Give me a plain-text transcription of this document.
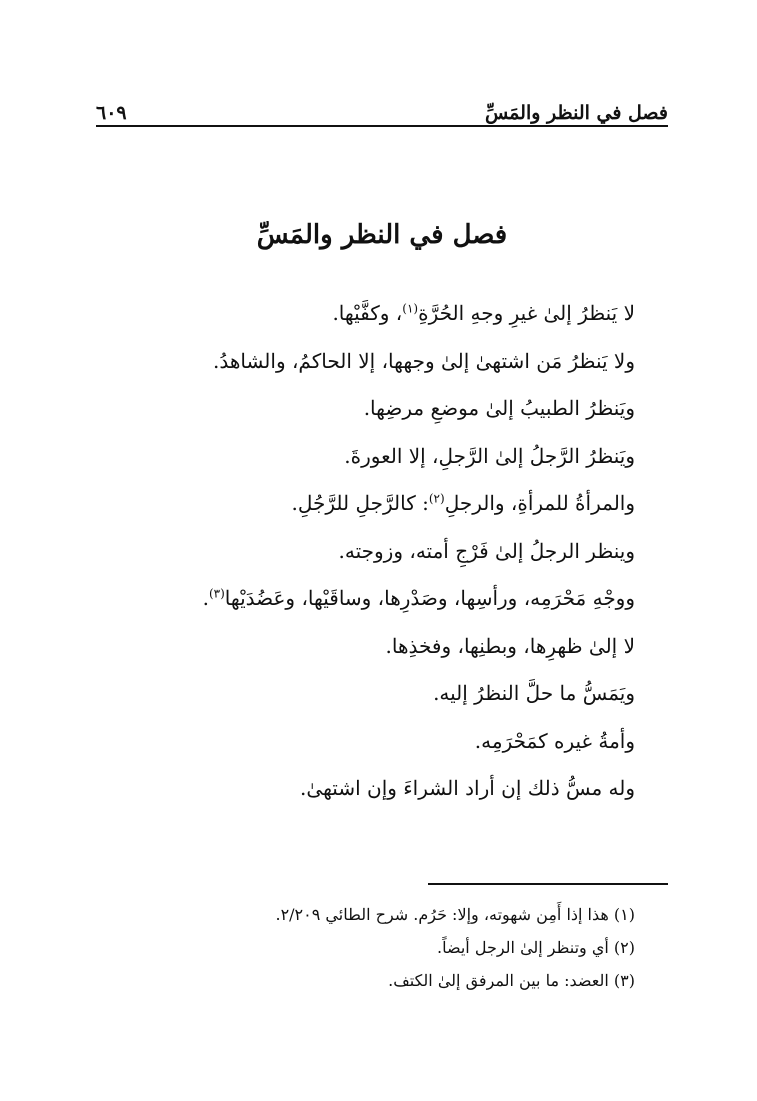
فصل في النظر والمَسِّ
٦٠٩
فصل في النظر والمَسِّ
لا يَنظرُ إلىٰ غيرِ وجهِ الحُرَّةِ$^{(١)}$، وكفَّيْها.
ولا يَنظرُ مَن اشتهىٰ إلىٰ وجهها، إلا الحاكمُ، والشاهدُ.
ويَنظرُ الطبيبُ إلىٰ موضعِ مرضِها.
ويَنظرُ الرَّجلُ إلىٰ الرَّجلِ، إلا العورةَ.
والمرأةُ للمرأةِ، والرجلِ$^{(٢)}$: كالرَّجلِ للرَّجُلِ.
وينظر الرجلُ إلىٰ فَرْجِ أمته، وزوجته.
ووجْهِ مَحْرَمِه، ورأسِها، وصَدْرِها، وساقَيْها، وعَضُدَيْها$^{(٣)}$.
لا إلىٰ ظهرِها، وبطنِها، وفخذِها.
ويَمَسُّ ما حلَّ النظرُ إليه.
وأمةُ غيره كمَحْرَمِه.
وله مسُّ ذلك إن أراد الشراءَ وإن اشتهىٰ.
(١) هذا إذا أَمِن شهوته، وإلا: حَرُم. شرح الطائي ٢/٢٠٩.
(٢) أي وتنظر إلىٰ الرجل أيضاً.
(٣) العضد: ما بين المرفق إلىٰ الكتف.
